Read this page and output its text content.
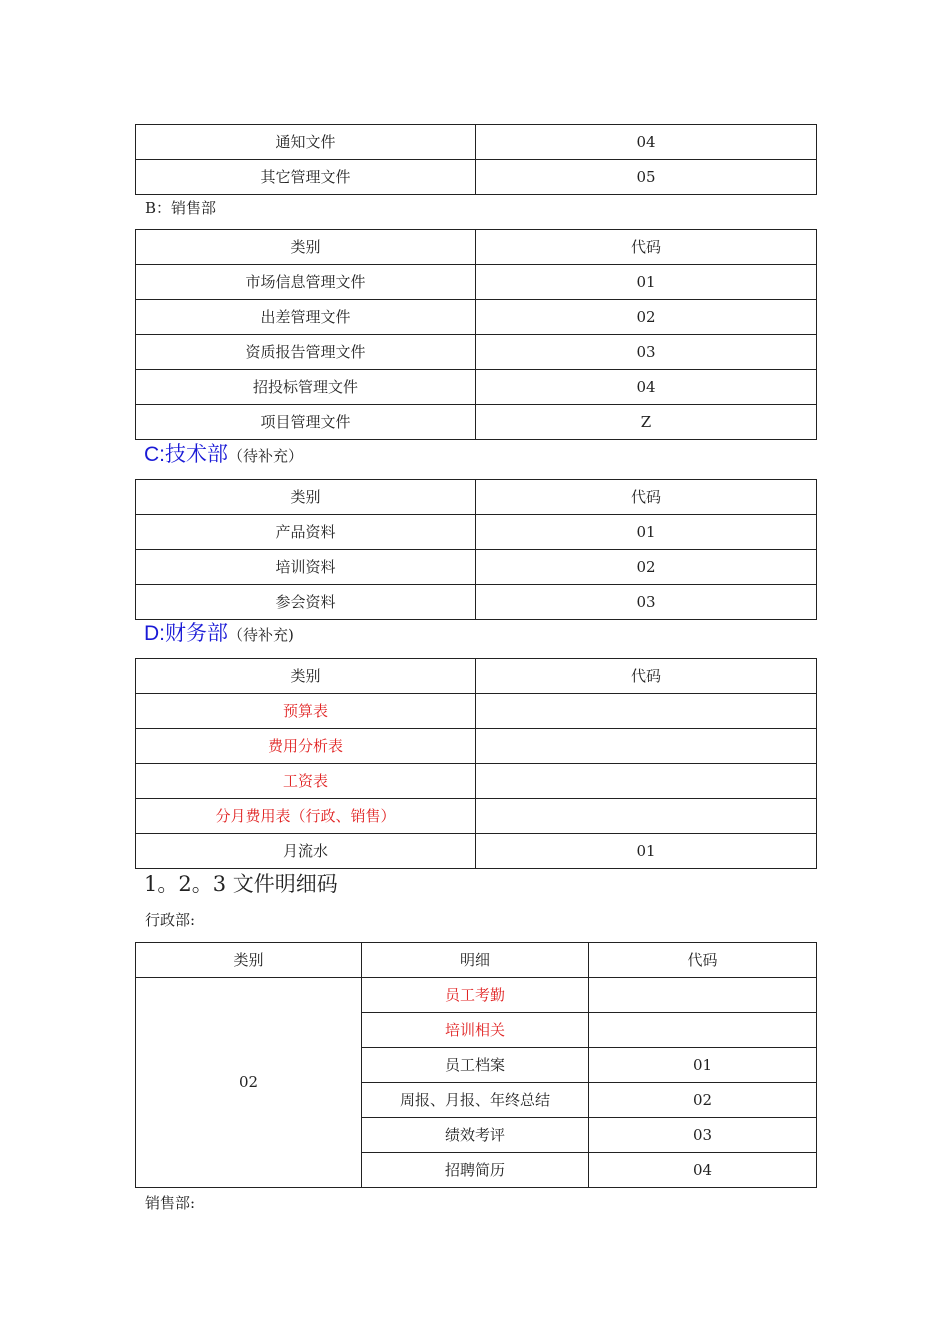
通知文件	04
其它管理文件	05
B：销售部
类别	代码
市场信息管理文件	01
出差管理文件	02
资质报告管理文件	03
招投标管理文件	04
项目管理文件	Z
C:技术部（待补充）
类别	代码
产品资料	01
培训资料	02
参会资料	03
D:财务部（待补充)
类别	代码
预算表	
费用分析表	
工资表	
分月费用表（行政、销售）	
月流水	01
1。2。3 文件明细码
行政部:
类别	明细	代码
02	员工考勤	
	培训相关	
	员工档案	01
	周报、月报、年终总结	02
	绩效考评	03
	招聘简历	04
销售部:
